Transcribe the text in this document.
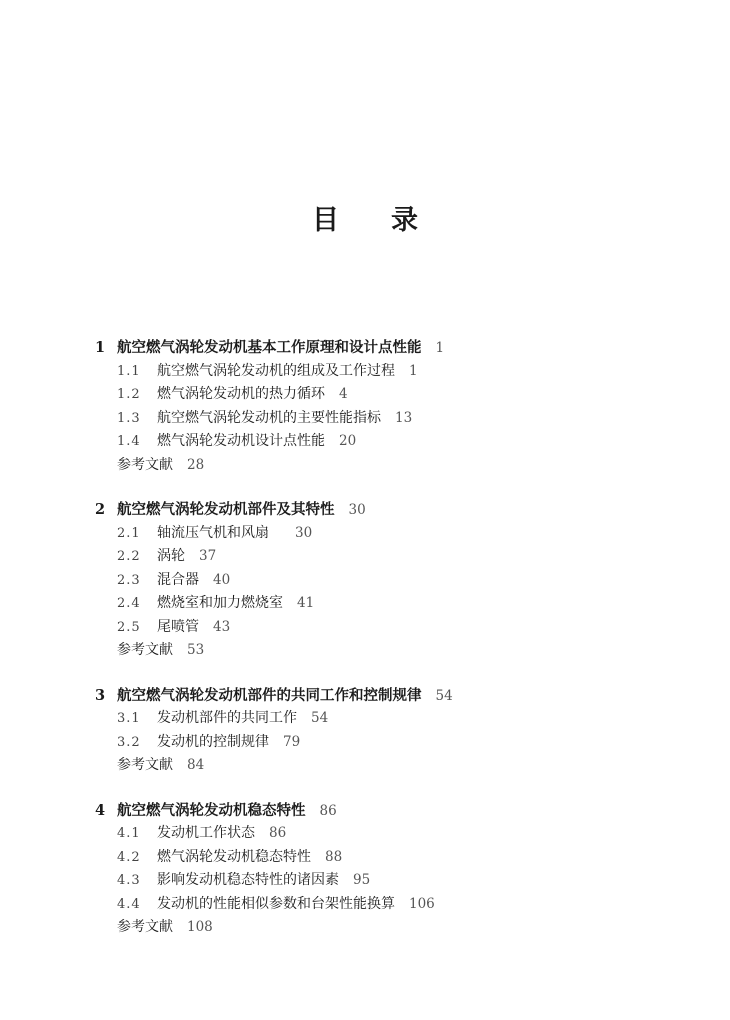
目 录
1 航空燃气涡轮发动机基本工作原理和设计点性能 1
1.1 航空燃气涡轮发动机的组成及工作过程 1
1.2 燃气涡轮发动机的热力循环 4
1.3 航空燃气涡轮发动机的主要性能指标 13
1.4 燃气涡轮发动机设计点性能 20
参考文献 28
2 航空燃气涡轮发动机部件及其特性 30
2.1 轴流压气机和风扇 30
2.2 涡轮 37
2.3 混合器 40
2.4 燃烧室和加力燃烧室 41
2.5 尾喷管 43
参考文献 53
3 航空燃气涡轮发动机部件的共同工作和控制规律 54
3.1 发动机部件的共同工作 54
3.2 发动机的控制规律 79
参考文献 84
4 航空燃气涡轮发动机稳态特性 86
4.1 发动机工作状态 86
4.2 燃气涡轮发动机稳态特性 88
4.3 影响发动机稳态特性的诸因素 95
4.4 发动机的性能相似参数和台架性能换算 106
参考文献 108
